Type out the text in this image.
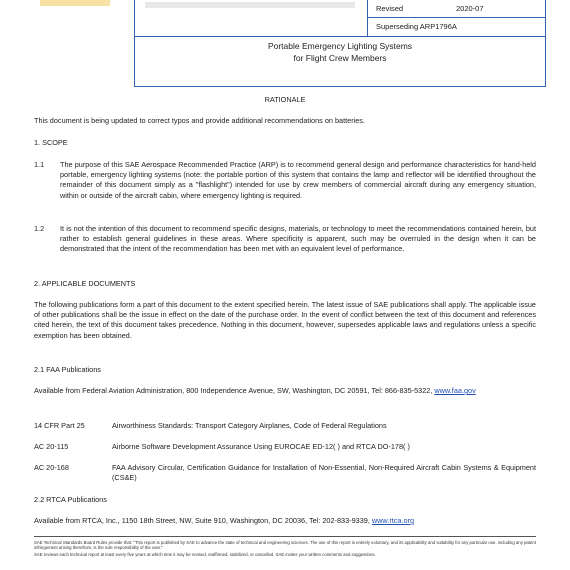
Revised	2020-07
Superseding ARP1796A
Portable Emergency Lighting Systems
for Flight Crew Members
RATIONALE

This document is being updated to correct typos and provide additional recommendations on batteries.

1. SCOPE
1.1 The purpose of this SAE Aerospace Recommended Practice (ARP) is to recommend general design and performance characteristics for hand-held portable, emergency lighting systems (note: the portable portion of this system that contains the lamp and reflector will be identified throughout the remainder of this document simply as a "flashlight") intended for use by crew members of commercial aircraft during any emergency situation, within or outside of the aircraft cabin, where emergency lighting is required.

1.2 It is not the intention of this document to recommend specific designs, materials, or technology to meet the recommendations contained herein, but rather to establish general guidelines in these areas. Where specificity is apparent, such may be overruled in the design when it can be demonstrated that the intent of the recommendation has been met with an equivalent level of performance.

2. APPLICABLE DOCUMENTS

The following publications form a part of this document to the extent specified herein. The latest issue of SAE publications shall apply. The applicable issue of other publications shall be the issue in effect on the date of the purchase order. In the event of conflict between the text of this document and references cited herein, the text of this document takes precedence. Nothing in this document, however, supersedes applicable laws and regulations unless a specific exemption has been obtained.

2.1 FAA Publications

Available from Federal Aviation Administration, 800 Independence Avenue, SW, Washington, DC 20591, Tel: 866-835-5322, www.faa.gov

14 CFR Part 25	Airworthiness Standards: Transport Category Airplanes, Code of Federal Regulations

AC 20-115	Airborne Software Development Assurance Using EUROCAE ED-12( ) and RTCA DO-178( )

AC 20-168	FAA Advisory Circular, Certification Guidance for Installation of Non-Essential, Non-Required Aircraft Cabin Systems & Equipment (CS&E)

2.2 RTCA Publications

Available from RTCA, Inc., 1150 18th Street, NW, Suite 910, Washington, DC 20036, Tel: 202-833-9339, www.rtca.org

SAE Technical Standards Board Rules provide that: "This report is published by SAE to advance the state of technical and engineering sciences. The use of this report is entirely voluntary, and its applicability and suitability for any particular use, including any patent infringement arising therefrom, is the sole responsibility of the user."

SAE reviews each technical report at least every five years at which time it may be revised, reaffirmed, stabilized, or cancelled. SAE invites your written comments and suggestions.
